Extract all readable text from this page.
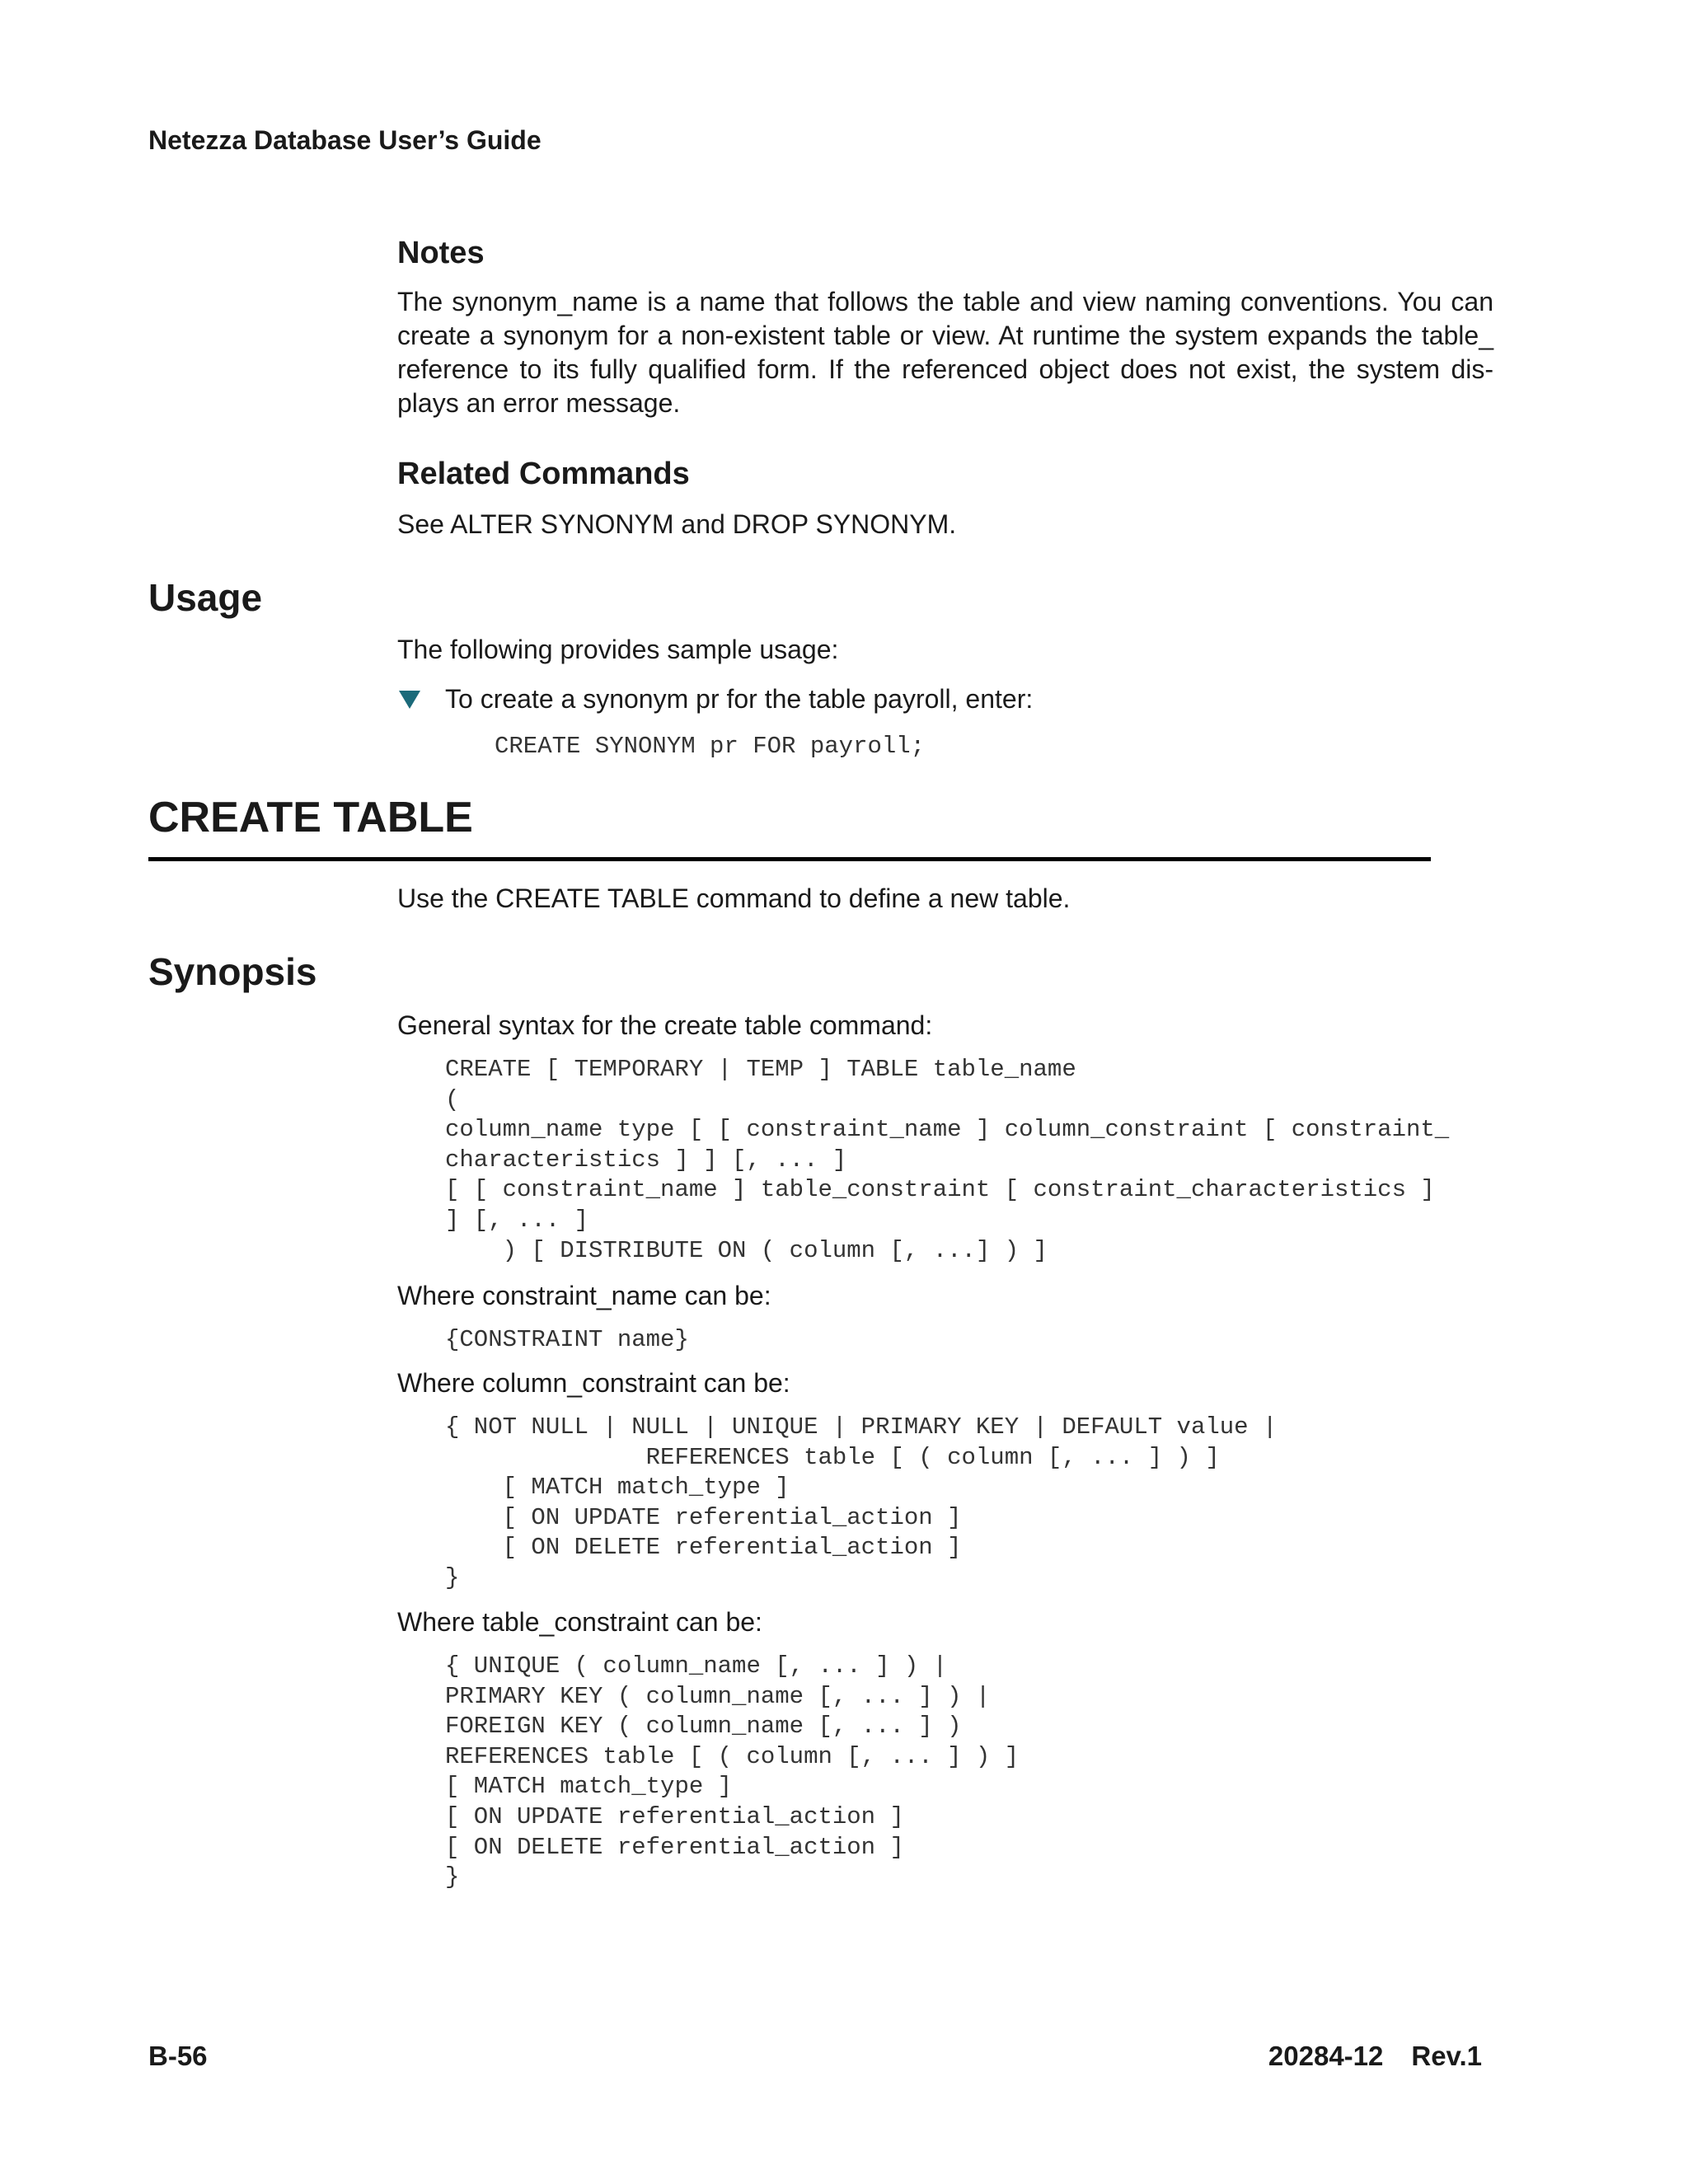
Netezza Database User’s Guide
Notes
The synonym_name is a name that follows the table and view naming conventions. You can create a synonym for a non-existent table or view. At runtime the system expands the table_ reference to its fully qualified form. If the referenced object does not exist, the system dis-plays an error message.
Related Commands
See ALTER SYNONYM and DROP SYNONYM.
Usage
The following provides sample usage:
To create a synonym pr for the table payroll, enter:
CREATE SYNONYM pr FOR payroll;
CREATE TABLE
Use the CREATE TABLE command to define a new table.
Synopsis
General syntax for the create table command:
CREATE [ TEMPORARY | TEMP ] TABLE table_name
(
column_name type [ [ constraint_name ] column_constraint [ constraint_
characteristics ] ] [, ... ]
[ [ constraint_name ] table_constraint [ constraint_characteristics ]
] [, ... ]
) [ DISTRIBUTE ON ( column [, ...] ) ]
Where constraint_name can be:
{CONSTRAINT name}
Where column_constraint can be:
{ NOT NULL | NULL | UNIQUE | PRIMARY KEY | DEFAULT value |
REFERENCES table [ ( column [, ... ] ) ]
[ MATCH match_type ]
[ ON UPDATE referential_action ]
[ ON DELETE referential_action ]
}
Where table_constraint can be:
{ UNIQUE ( column_name [, ... ] ) |
PRIMARY KEY ( column_name [, ... ] ) |
FOREIGN KEY ( column_name [, ... ] )
REFERENCES table [ ( column [, ... ] ) ]
[ MATCH match_type ]
[ ON UPDATE referential_action ]
[ ON DELETE referential_action ]
}
B-56	20284-12 Rev.1
